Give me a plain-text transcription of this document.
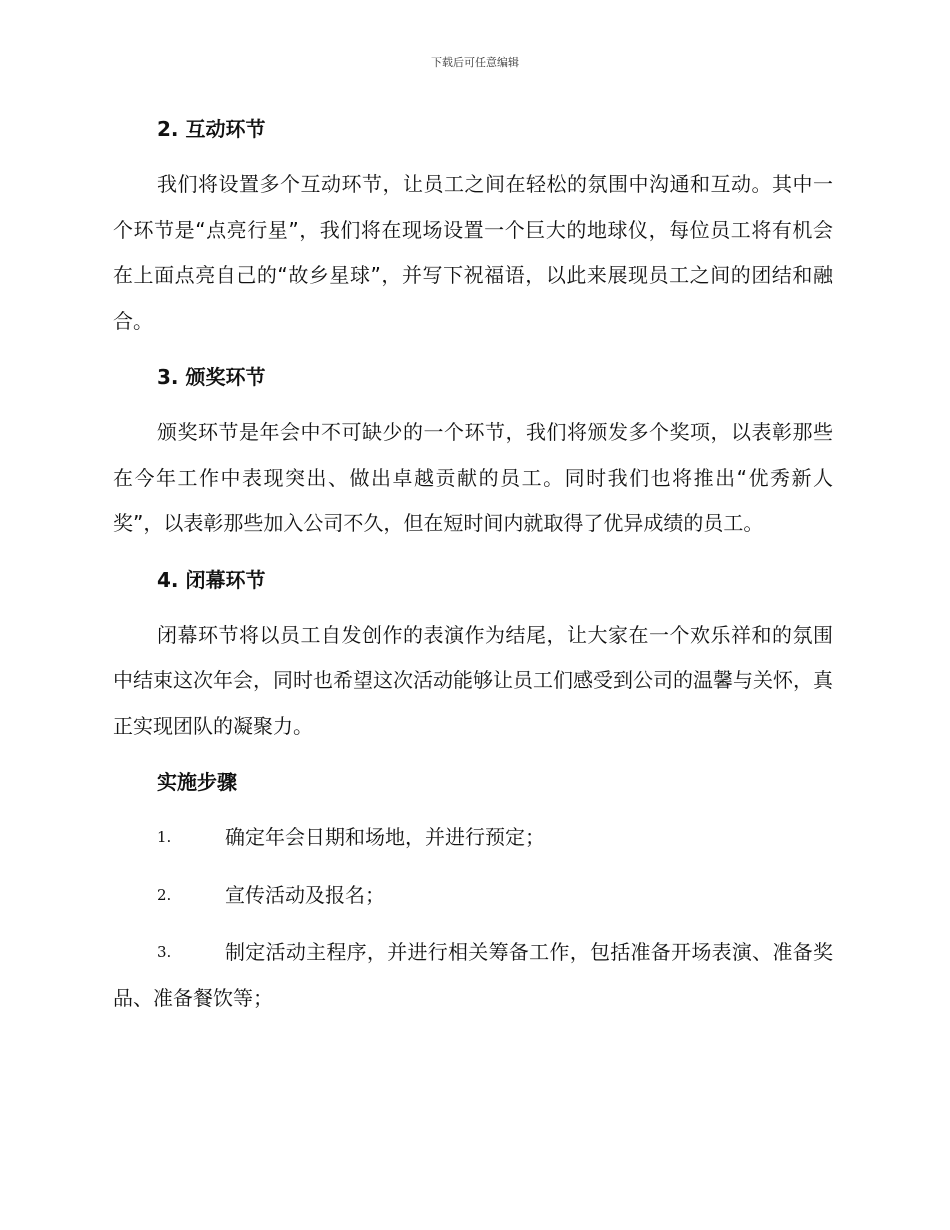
下载后可任意编辑
2. 互动环节

我们将设置多个互动环节，让员工之间在轻松的氛围中沟通和互动。其中一个环节是“点亮行星”，我们将在现场设置一个巨大的地球仪，每位员工将有机会在上面点亮自己的“故乡星球”，并写下祝福语，以此来展现员工之间的团结和融合。

3. 颁奖环节

颁奖环节是年会中不可缺少的一个环节，我们将颁发多个奖项，以表彰那些在今年工作中表现突出、做出卓越贡献的员工。同时我们也将推出“优秀新人奖”，以表彰那些加入公司不久，但在短时间内就取得了优异成绩的员工。

4. 闭幕环节

闭幕环节将以员工自发创作的表演作为结尾，让大家在一个欢乐祥和的氛围中结束这次年会，同时也希望这次活动能够让员工们感受到公司的温馨与关怀，真正实现团队的凝聚力。

实施步骤
1.	确定年会日期和场地，并进行预定；
2.	宣传活动及报名；
3.	制定活动主程序，并进行相关筹备工作，包括准备开场表演、准备奖品、准备餐饮等；
